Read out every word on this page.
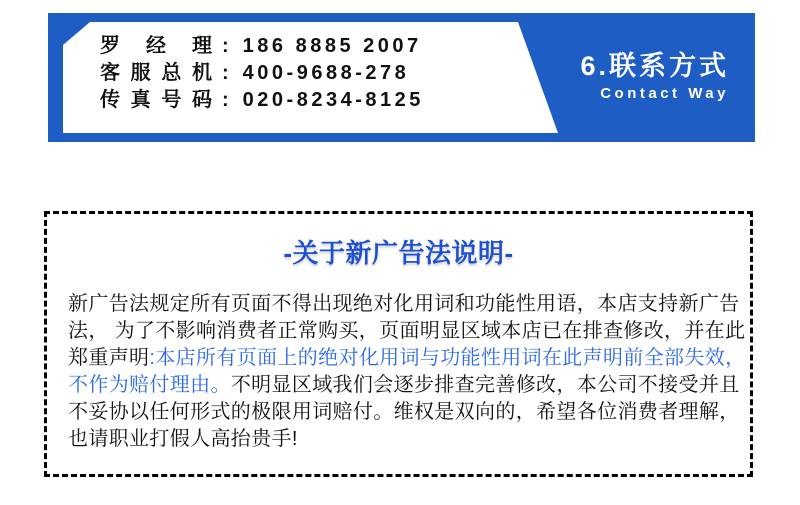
罗经理 : 186 8885 2007
客服总机 : 400-9688-278
传真号码 : 020-8234-8125
6.联系方式
Contact Way
-关于新广告法说明-
新广告法规定所有页面不得出现绝对化用词和功能性用语，本店支持新广告
法， 为了不影响消费者正常购买，页面明显区域本店已在排查修改，并在此
郑重声明:本店所有页面上的绝对化用词与功能性用词在此声明前全部失效，
不作为赔付理由。不明显区域我们会逐步排查完善修改，本公司不接受并且
不妥协以任何形式的极限用词赔付。维权是双向的，希望各位消费者理解，
也请职业打假人高抬贵手!
